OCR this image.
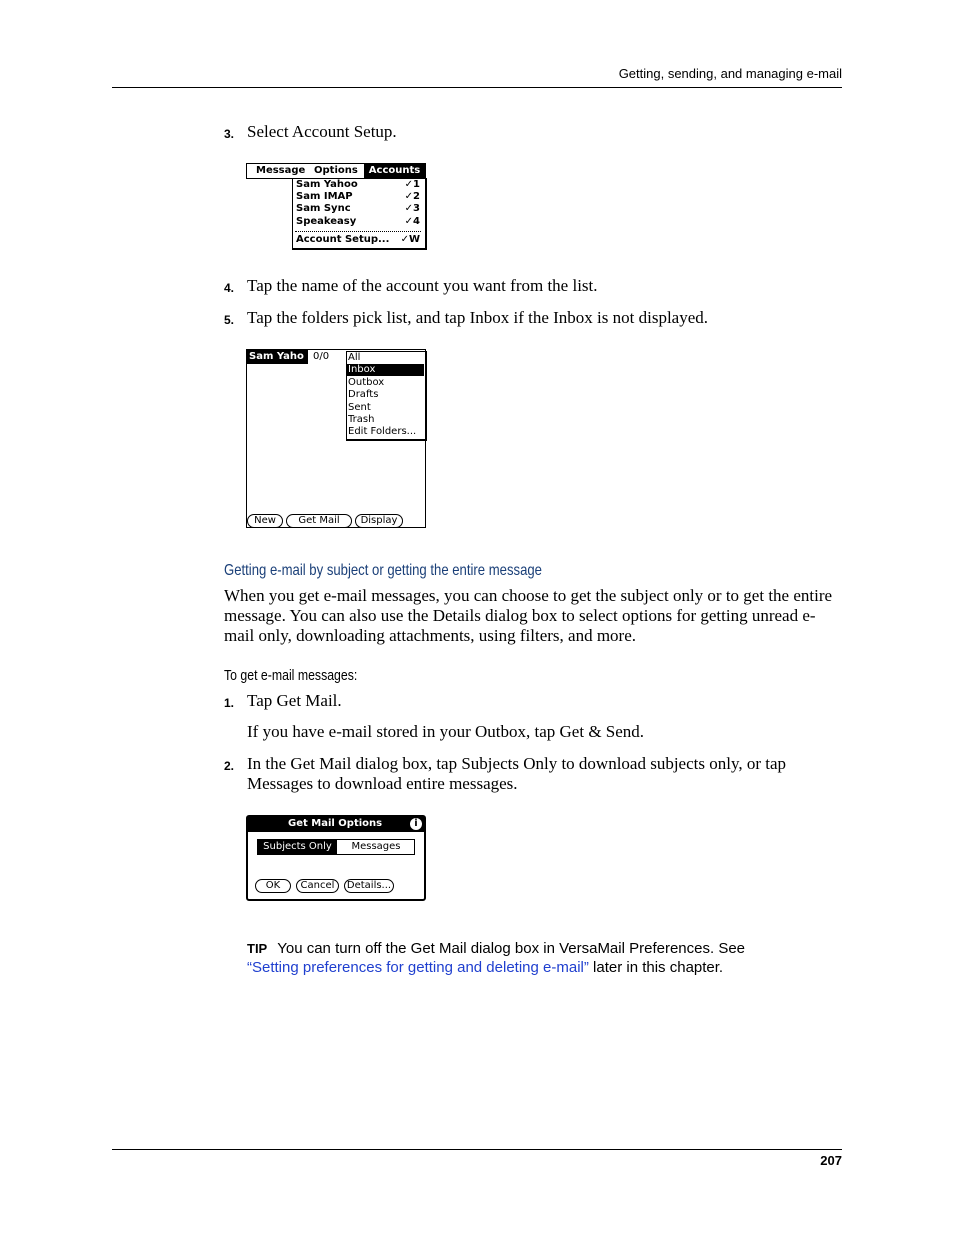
Getting, sending, and managing e-mail
3. Select Account Setup.
Message Options	Accounts
Sam Yahoo	✓1
Sam IMAP	✓2
Sam Sync	✓3
Speakeasy	✓4
Account Setup... ✓W
4. Tap the name of the account you want from the list.
5. Tap the folders pick list, and tap Inbox if the Inbox is not displayed.
Sam Yaho 0/0 All
Inbox
Outbox
Drafts
Sent
Trash
Edit Folders...
New	Get Mail	Display
Getting e-mail by subject or getting the entire message
When you get e-mail messages, you can choose to get the subject only or to get the entire message. You can also use the Details dialog box to select options for getting unread e-mail only, downloading attachments, using filters, and more.
To get e-mail messages:
1. Tap Get Mail.
If you have e-mail stored in your Outbox, tap Get & Send.
2. In the Get Mail dialog box, tap Subjects Only to download subjects only, or tap Messages to download entire messages.
Get Mail Options	i
Subjects Only	Messages
OK	Cancel	Details...
TIP You can turn off the Get Mail dialog box in VersaMail Preferences. See
“Setting preferences for getting and deleting e-mail” later in this chapter.
207
